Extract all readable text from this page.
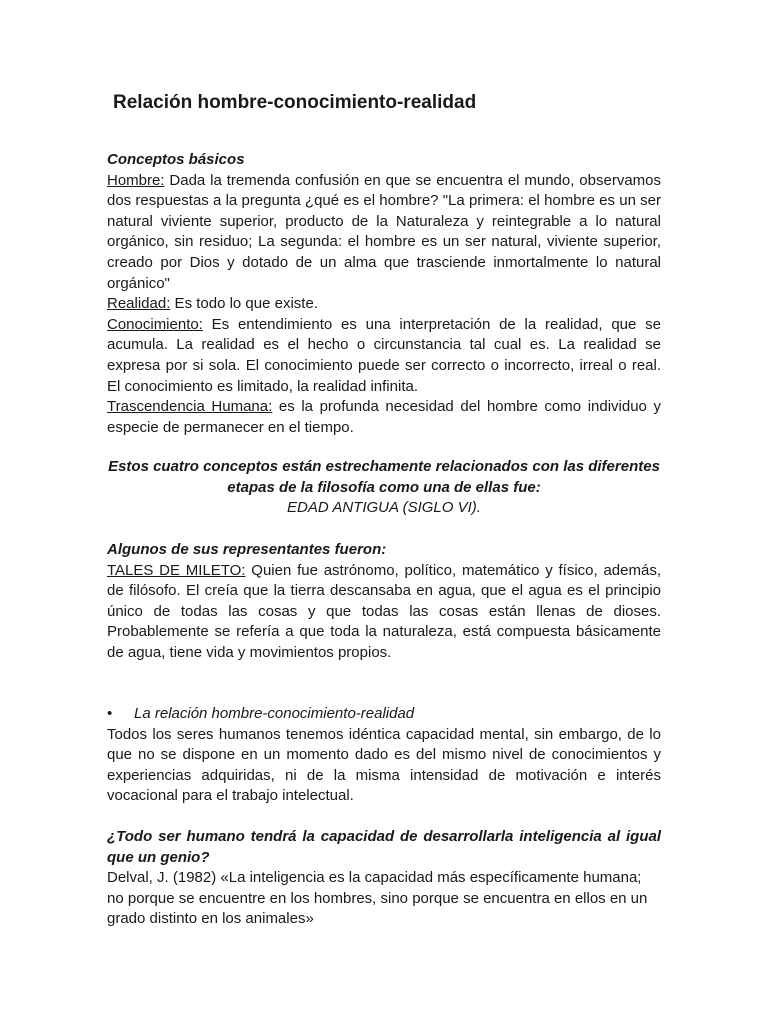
Relación hombre-conocimiento-realidad

Conceptos básicos

Hombre: Dada la tremenda confusión en que se encuentra el mundo, observamos dos respuestas a la pregunta ¿qué es el hombre? "La primera: el hombre es un ser natural viviente superior, producto de la Naturaleza y reintegrable a lo natural orgánico, sin residuo; La segunda: el hombre es un ser natural, viviente superior, creado por Dios y dotado de un alma que trasciende inmortalmente lo natural orgánico"

Realidad: Es todo lo que existe.

Conocimiento: Es entendimiento es una interpretación de la realidad, que se acumula. La realidad es el hecho o circunstancia tal cual es. La realidad se expresa por si sola. El conocimiento puede ser correcto o incorrecto, irreal o real. El conocimiento es limitado, la realidad infinita.

Trascendencia Humana: es la profunda necesidad del hombre como individuo y especie de permanecer en el tiempo.

Estos cuatro conceptos están estrechamente relacionados con las diferentes etapas de la filosofía como una de ellas fue:

EDAD ANTIGUA (SIGLO VI).

Algunos de sus representantes fueron:

TALES DE MILETO: Quien fue astrónomo, político, matemático y físico, además, de filósofo. El creía que la tierra descansaba en agua, que el agua es el principio único de todas las cosas y que todas las cosas están llenas de dioses. Probablemente se refería a que toda la naturaleza, está compuesta básicamente de agua, tiene vida y movimientos propios.

• La relación hombre-conocimiento-realidad

Todos los seres humanos tenemos idéntica capacidad mental, sin embargo, de lo que no se dispone en un momento dado es del mismo nivel de conocimientos y experiencias adquiridas, ni de la misma intensidad de motivación e interés vocacional para el trabajo intelectual.

¿Todo ser humano tendrá la capacidad de desarrollarla inteligencia al igual que un genio?

Delval, J. (1982) «La inteligencia es la capacidad más específicamente humana; no porque se encuentre en los hombres, sino porque se encuentra en ellos en un grado distinto en los animales»
